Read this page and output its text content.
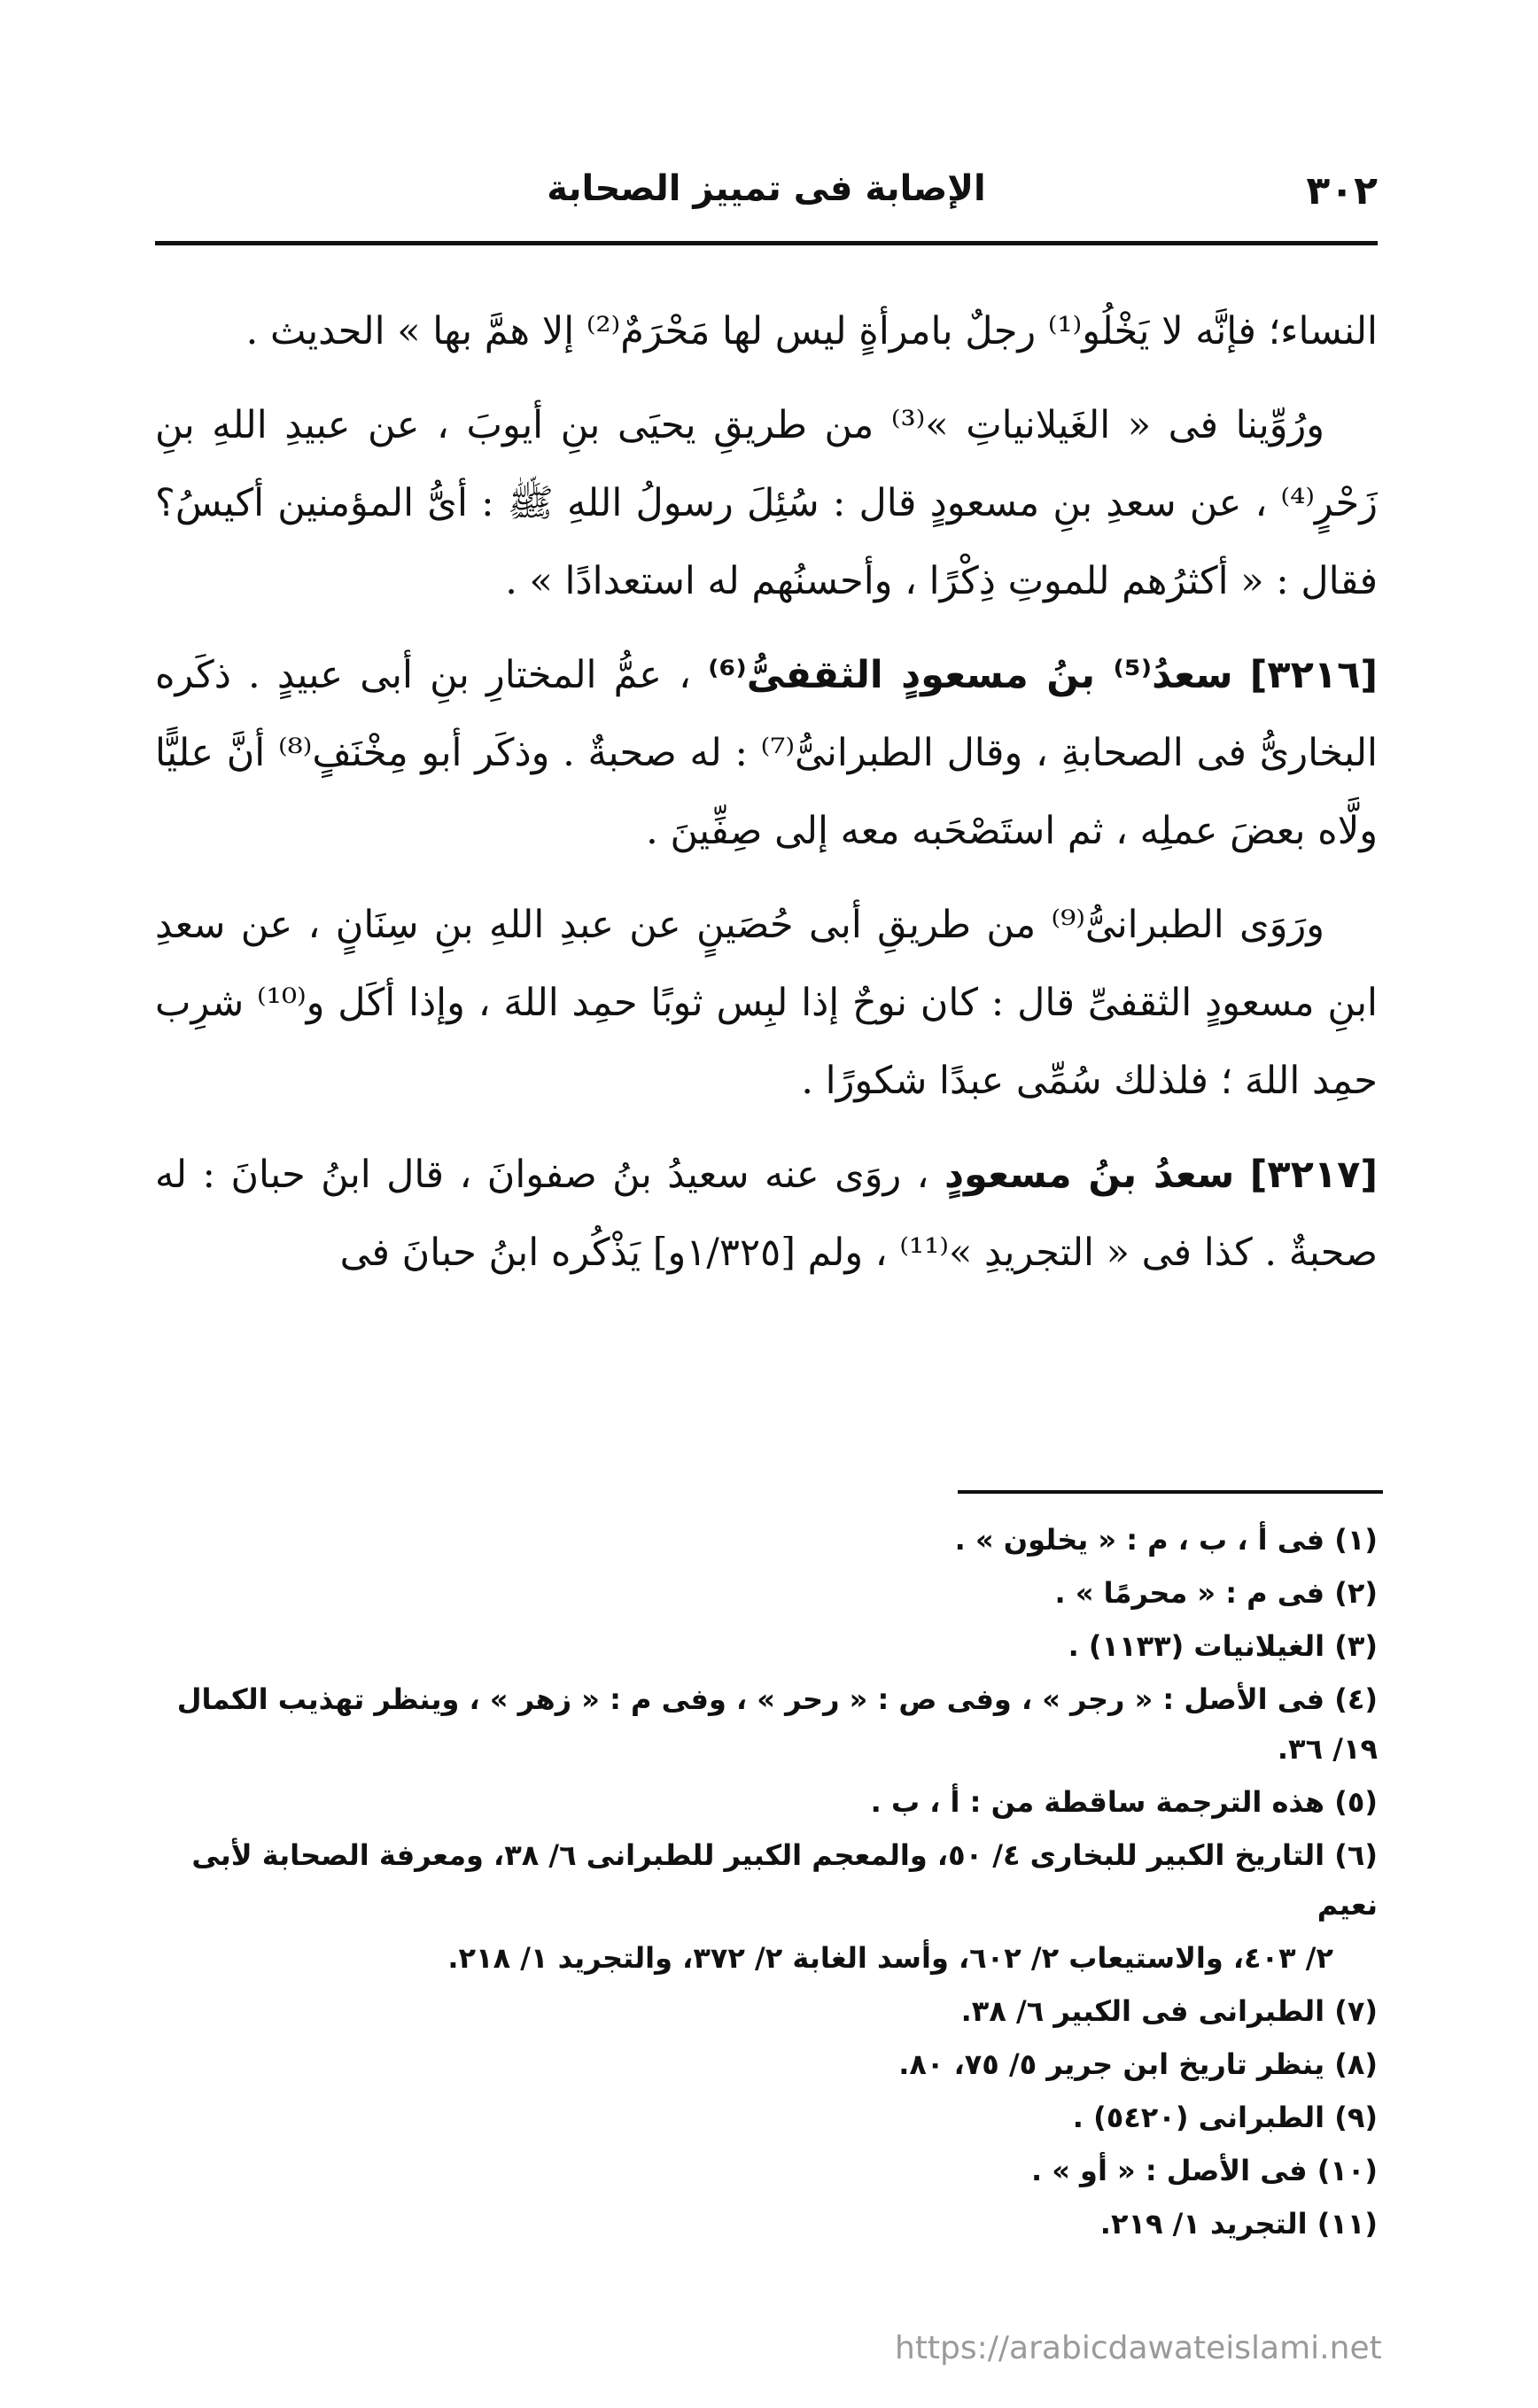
٣٠٢
الإصابة فى تمييز الصحابة

النساء؛ فإنَّه لا يَخْلُو⁽¹⁾ رجلٌ بامرأةٍ ليس لها مَحْرَمٌ⁽²⁾ إلا همَّ بها » الحديث .

ورُوِّينا فى « الغَيلانياتِ »⁽³⁾ من طريقِ يحيَى بنِ أيوبَ ، عن عبيدِ اللهِ بنِ زَحْرٍ⁽⁴⁾ ، عن سعدِ بنِ مسعودٍ قال : سُئِلَ رسولُ اللهِ ﷺ : أىُّ المؤمنين أكيسُ؟ فقال : « أكثرُهم للموتِ ذِكْرًا ، وأحسنُهم له استعدادًا » .

[٣٢١٦] سعدُ⁽⁵⁾ بنُ مسعودٍ الثقفىُّ⁽⁶⁾ ، عمُّ المختارِ بنِ أبى عبيدٍ . ذكَره البخارىُّ فى الصحابةِ ، وقال الطبرانىُّ⁽⁷⁾ : له صحبةٌ . وذكَر أبو مِخْنَفٍ⁽⁸⁾ أنَّ عليًّا ولَّاه بعضَ عملِه ، ثم استَصْحَبه معه إلى صِفِّينَ .

ورَوَى الطبرانىُّ⁽⁹⁾ من طريقِ أبى حُصَينٍ عن عبدِ اللهِ بنِ سِنَانٍ ، عن سعدِ ابنِ مسعودٍ الثقفىِّ قال : كان نوحٌ إذا لبِس ثوبًا حمِد اللهَ ، وإذا أكَل و⁽¹⁰⁾ شرِب حمِد اللهَ ؛ فلذلك سُمِّى عبدًا شكورًا .

[٣٢١٧] سعدُ بنُ مسعودٍ ، روَى عنه سعيدُ بنُ صفوانَ ، قال ابنُ حبانَ : له صحبةٌ . كذا فى « التجريدِ »⁽¹¹⁾ ، ولم [١/٣٢٥و] يَذْكُره ابنُ حبانَ فى

(١) فى أ ، ب ، م : « يخلون » .
(٢) فى م : « محرمًا » .
(٣) الغيلانيات (١١٣٣) .
(٤) فى الأصل : « رجر » ، وفى ص : « رحر » ، وفى م : « زهر » ، وينظر تهذيب الكمال ١٩/ ٣٦.
(٥) هذه الترجمة ساقطة من : أ ، ب .
(٦) التاريخ الكبير للبخارى ٤/ ٥٠، والمعجم الكبير للطبرانى ٦/ ٣٨، ومعرفة الصحابة لأبى نعيم
٢/ ٤٠٣، والاستيعاب ٢/ ٦٠٢، وأسد الغابة ٢/ ٣٧٢، والتجريد ١/ ٢١٨.
(٧) الطبرانى فى الكبير ٦/ ٣٨.
(٨) ينظر تاريخ ابن جرير ٥/ ٧٥، ٨٠.
(٩) الطبرانى (٥٤٢٠) .
(١٠) فى الأصل : « أو » .
(١١) التجريد ١/ ٢١٩.
https://arabicdawateislami.net
